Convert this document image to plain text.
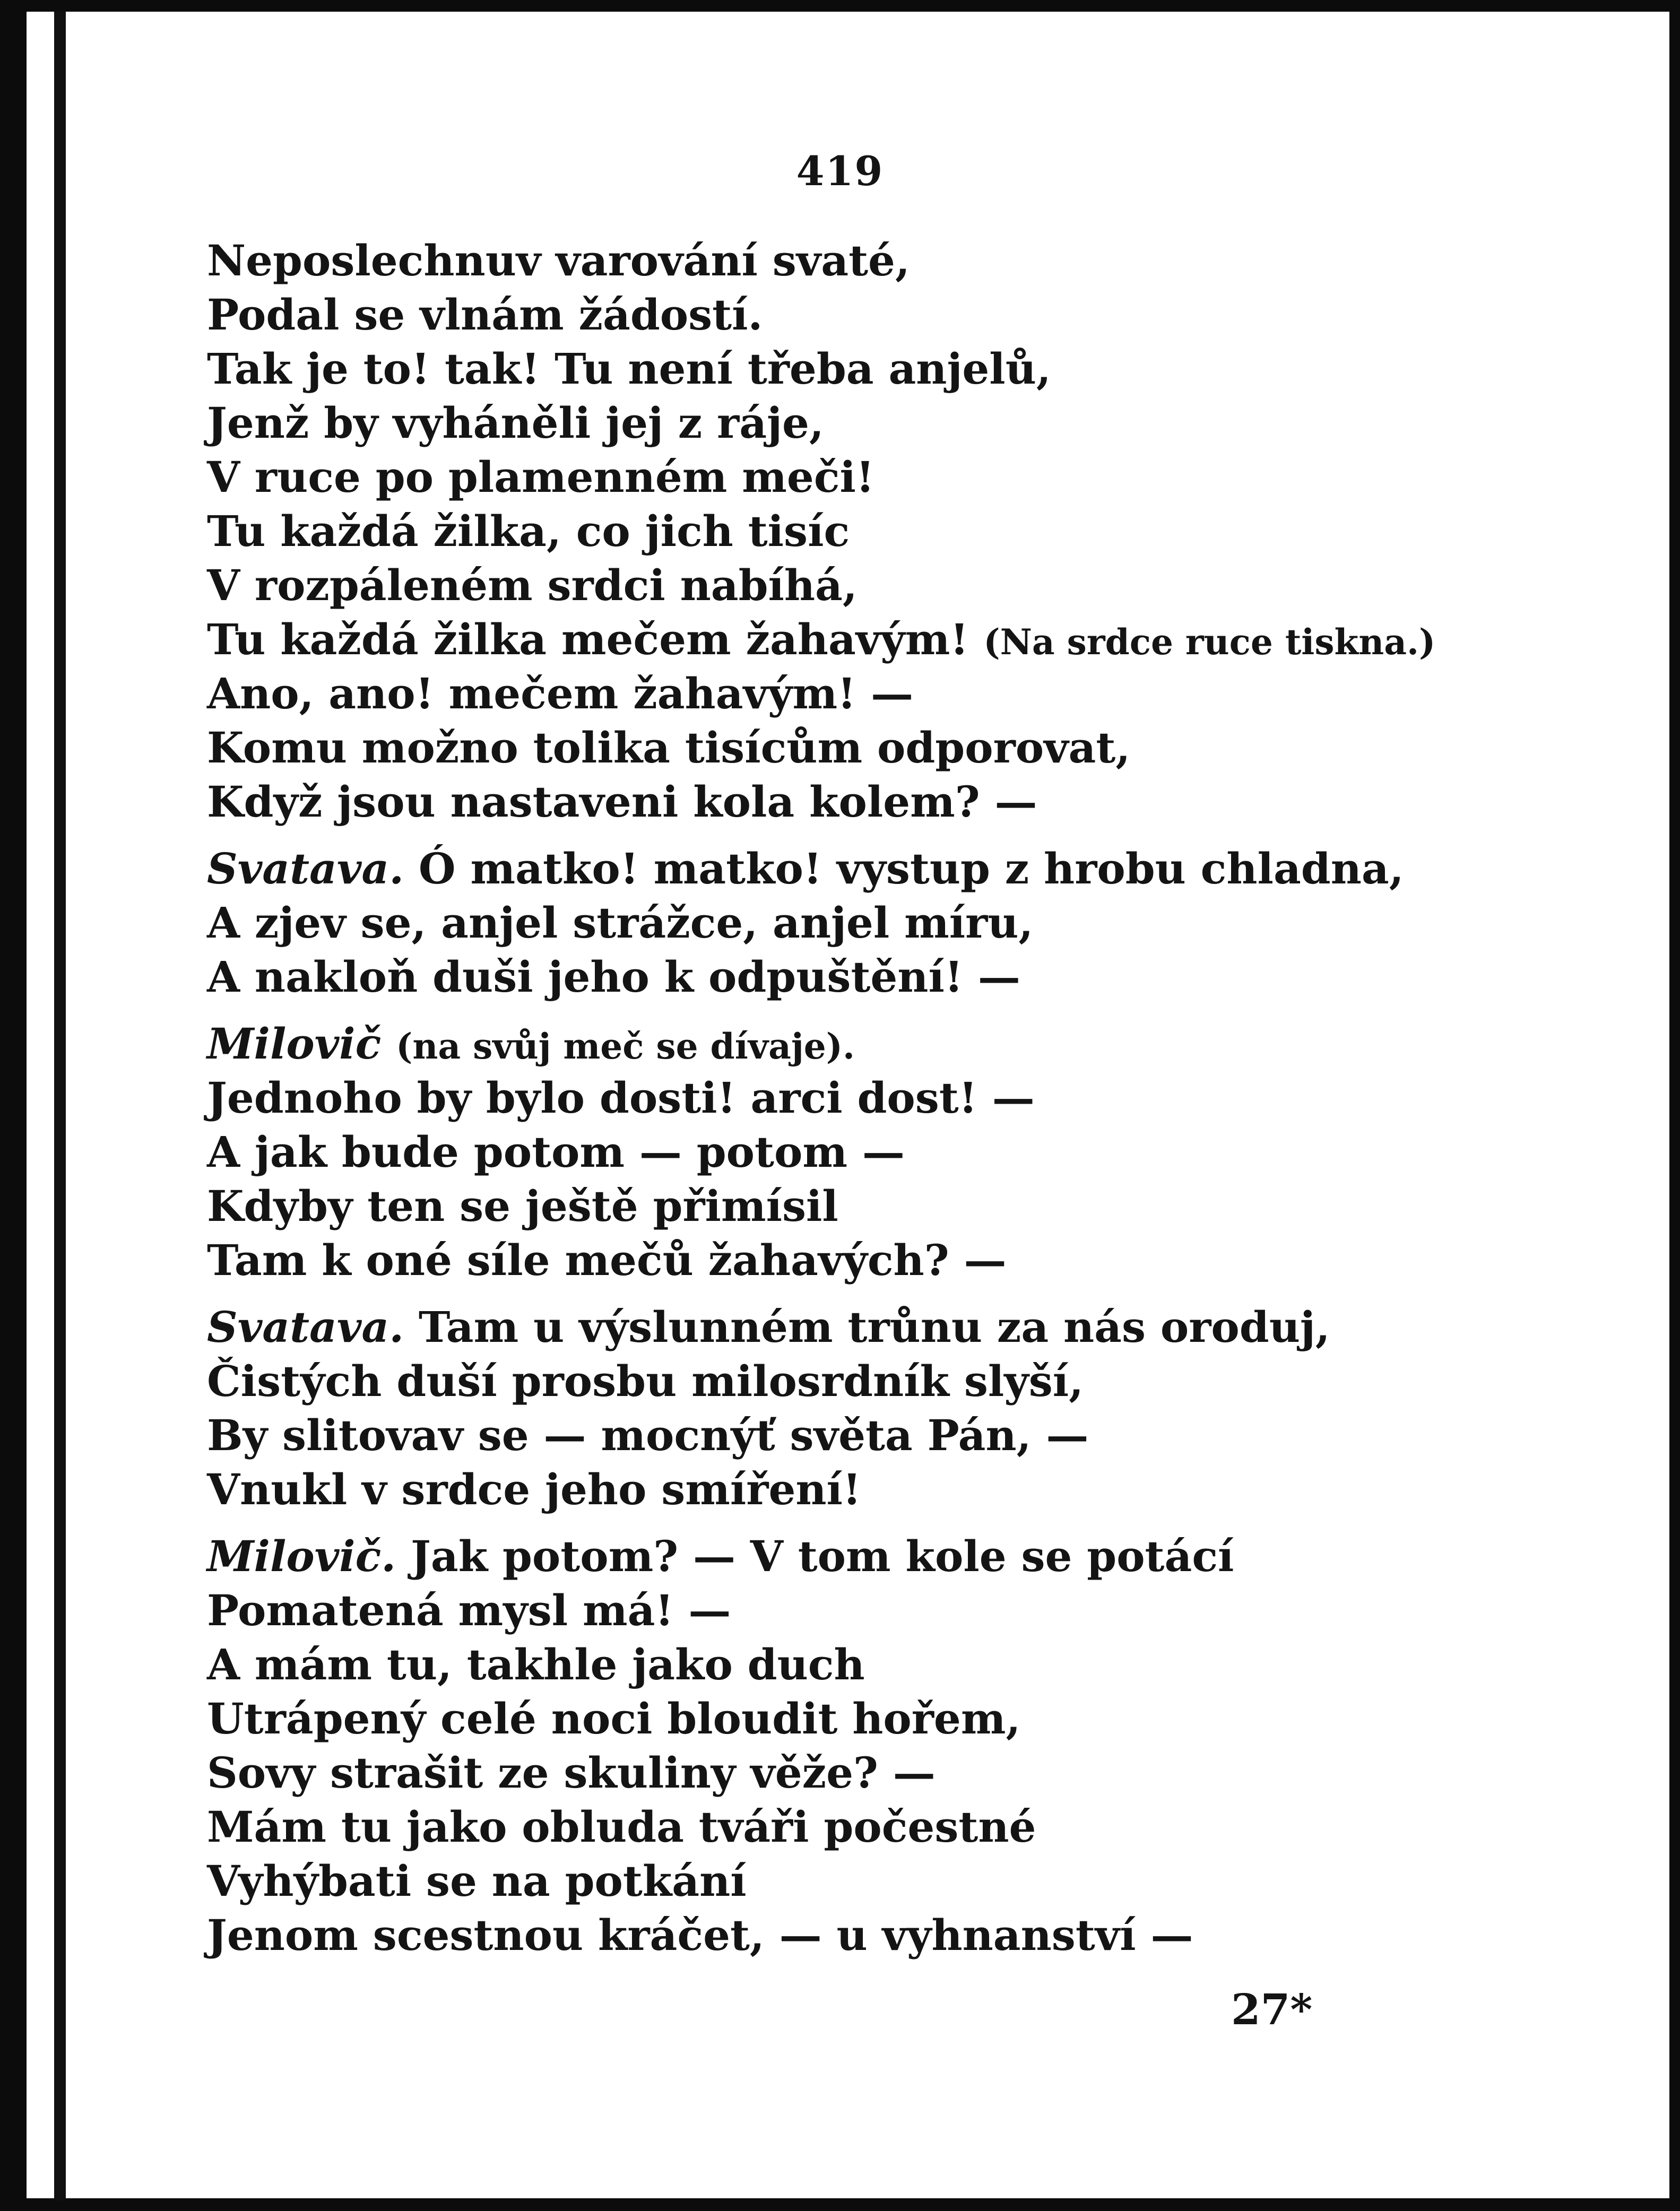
419
Neposlechnuv varování svaté,
Podal se vlnám žádostí.
Tak je to! tak! Tu není třeba anjelů,
Jenž by vyháněli jej z ráje,
V ruce po plamenném meči!
Tu každá žilka, co jich tisíc
V rozpáleném srdci nabíhá,
Tu každá žilka mečem žahavým! (Na srdce ruce tiskna.)
Ano, ano! mečem žahavým! —
Komu možno tolika tisícům odporovat,
Když jsou nastaveni kola kolem? —
Svatava. Ó matko! matko! vystup z hrobu chladna,
A zjev se, anjel strážce, anjel míru,
A nakloň duši jeho k odpuštění! —
Milovič (na svůj meč se dívaje).
Jednoho by bylo dosti! arci dost! —
A jak bude potom — potom —
Kdyby ten se ještě přimísil
Tam k oné síle mečů žahavých? —
Svatava. Tam u výslunném trůnu za nás oroduj,
Čistých duší prosbu milosrdník slyší,
By slitovav se — mocnýť světa Pán, —
Vnukl v srdce jeho smíření!
Milovič. Jak potom? — V tom kole se potácí
Pomatená mysl má! —
A mám tu, takhle jako duch
Utrápený celé noci bloudit hořem,
Sovy strašit ze skuliny věže? —
Mám tu jako obluda tváři počestné
Vyhýbati se na potkání
Jenom scestnou kráčet, — u vyhnanství —
27*
